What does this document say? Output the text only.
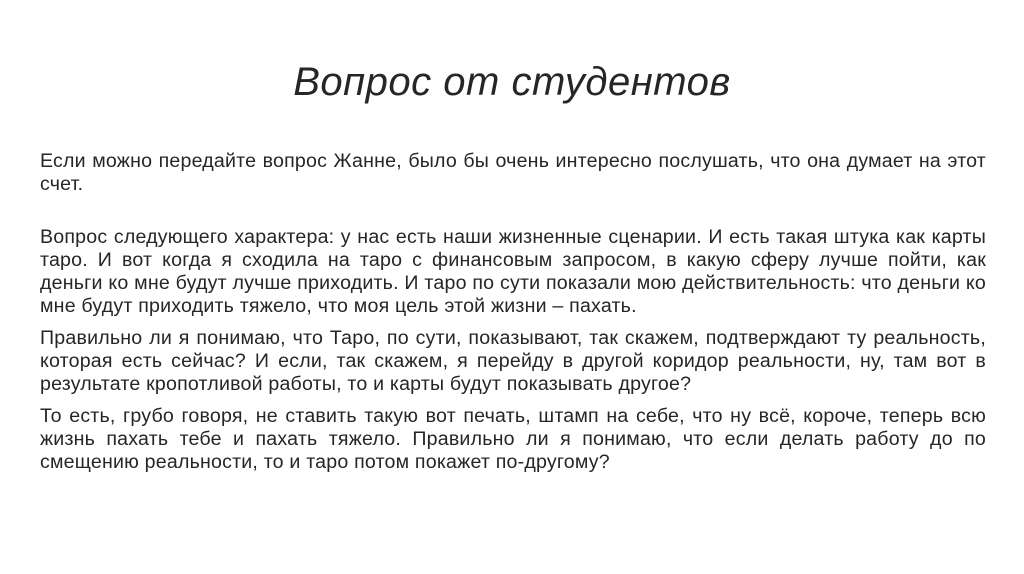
Вопрос от студентов

Если можно передайте вопрос Жанне, было бы очень интересно послушать, что она думает на этот счет.

Вопрос следующего характера: у нас есть наши жизненные сценарии. И есть такая штука как карты таро. И вот когда я сходила на таро с финансовым запросом, в какую сферу лучше пойти, как деньги ко мне будут лучше приходить. И таро по сути показали мою действительность: что деньги ко мне будут приходить тяжело, что моя цель этой жизни – пахать.

Правильно ли я понимаю, что Таро, по сути, показывают, так скажем, подтверждают ту реальность, которая есть сейчас? И если, так скажем, я перейду в другой коридор реальности, ну, там вот в результате кропотливой работы, то и карты будут показывать другое?

То есть, грубо говоря, не ставить такую вот печать, штамп на себе, что ну всё, короче, теперь всю жизнь пахать тебе и пахать тяжело. Правильно ли я понимаю, что если делать работу до по смещению реальности, то и таро потом покажет по-другому?
